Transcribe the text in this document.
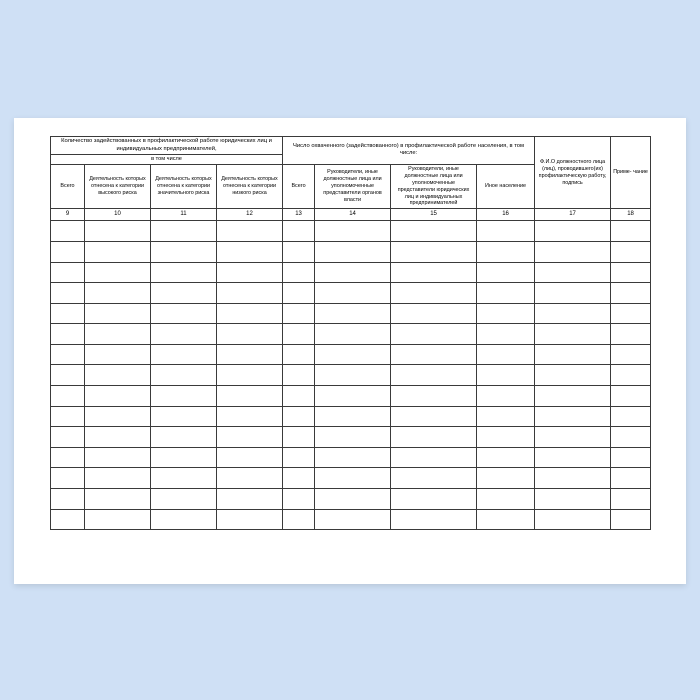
Количество задействованных в профилактической работе юридических лиц и индивидуальных предпринимателей,				Число охваченного (задействованного) в профилактической работе населения, в том числе:				Ф.И.О должностного лица (лиц), проводившего(их) профилактическую работу, подпись	Приме- чание
в том числе									
Всего	Деятельность которых отнесена к категории высокого риска	Деятельность которых отнесена к категории значительного риска	Деятельность которых отнесена к категории низкого риска	Всего	Руководители, иные должностные лица или уполномоченные представители органов власти	Руководители, иные должностные лица или уполномоченные представители юридических лиц и индивидуальных предпринимателей	Иное население		
9	10	11	12	13	14	15	16	17	18
